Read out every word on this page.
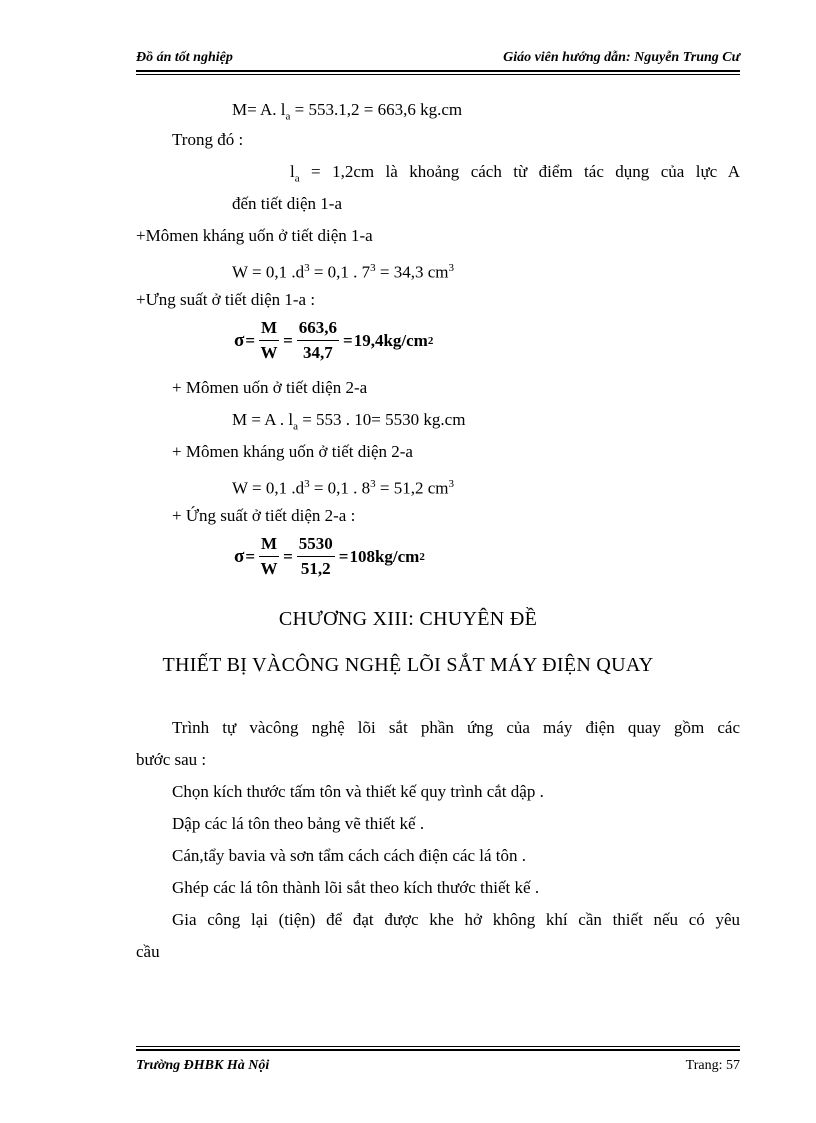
Đồ án tốt nghiệp	Giáo viên hướng dẫn: Nguyễn Trung Cư
M= A. $l_a = 553.1,2 = 663,6$ kg.cm
Trong đó :
$l_a = 1,2cm$ là khoảng cách từ điểm tác dụng của lực A
đến tiết diện 1-a
+Mômen kháng uốn ở tiết diện 1-a
W = 0,1 $.d^3 = 0,1$ . $7^3 = 34,3$ $cm^3$
+Ưng suất ở tiết diện 1-a :
$\sigma = \frac{M}{W} = \frac{663,6}{34,7} = 19,4kg/cm$ 2
+ Mômen uốn ở tiết diện 2-a
M = A . $l_a = 553$ . 10= 5530 kg.cm
+ Mômen kháng uốn ở tiết diện 2-a
W = 0,1 $.d^3 = 0,1$ . $8^3 = 51,2$ $cm^3$
+ Ứng suất ở tiết diện 2-a :
$\sigma = \frac{M}{W} = \frac{5530}{51,2} = 108kg/cm$ 2
CHƯƠNG XIII: CHUYÊN ĐỀ
THIẾT BỊ VÀCÔNG NGHỆ LÕI SẮT MÁY ĐIỆN QUAY
Trình tự vàcông nghệ lõi sắt phần ứng của máy điện quay gồm các
bước sau :
Chọn kích thước tấm tôn và thiết kế quy trình cắt dập .
Dập các lá tôn theo bảng vẽ thiết kế .
Cán,tẩy bavia và sơn tẩm cách cách điện các lá tôn .
Ghép các lá tôn thành lõi sắt theo kích thước thiết kế .
Gia công lại (tiện) để đạt được khe hở không khí cần thiết nếu có yêu
cầu
Trường ĐHBK Hà Nội	Trang: 57
